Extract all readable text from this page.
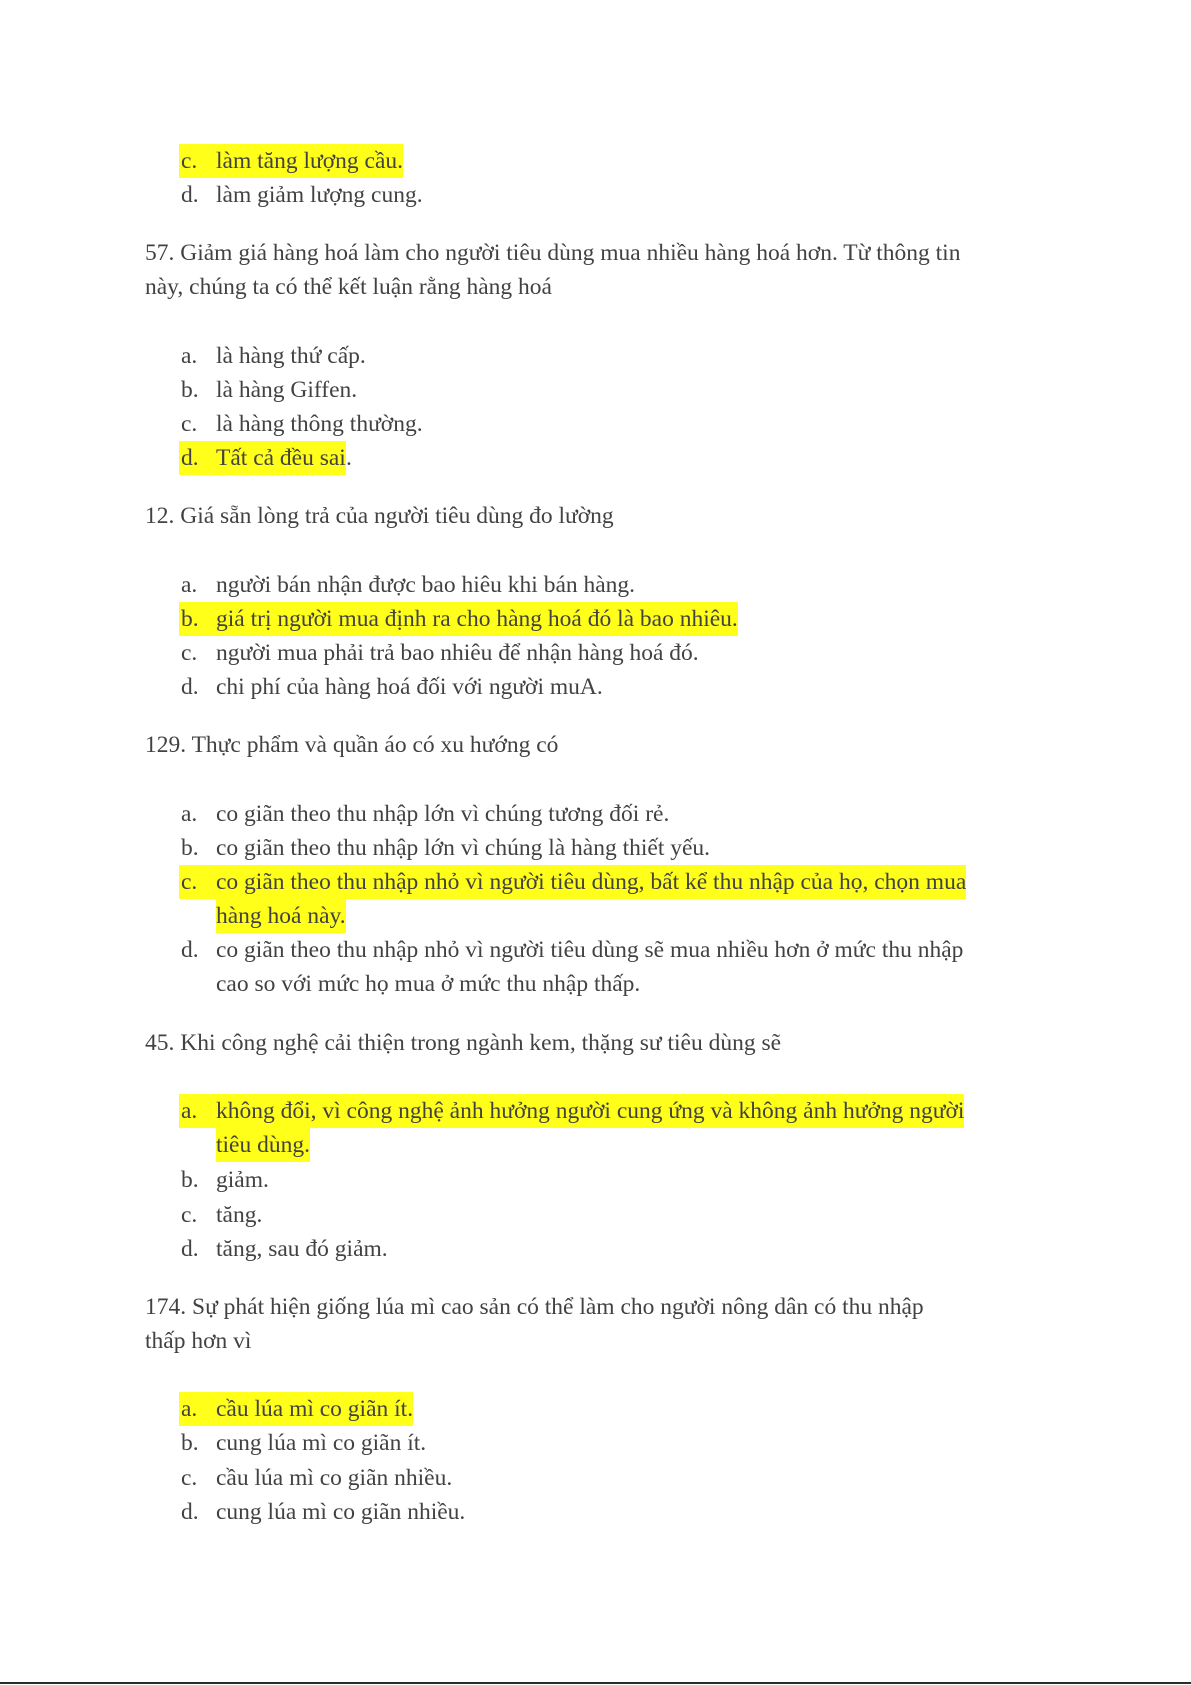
c. làm tăng lượng cầu.
d. làm giảm lượng cung.
57. Giảm giá hàng hoá làm cho người tiêu dùng mua nhiều hàng hoá hơn. Từ thông tin
này, chúng ta có thể kết luận rằng hàng hoá
a. là hàng thứ cấp.
b. là hàng Giffen.
c. là hàng thông thường.
d. Tất cả đều sai .
12. Giá sẵn lòng trả của người tiêu dùng đo lường
a. người bán nhận được bao hiêu khi bán hàng.
b. giá trị người mua định ra cho hàng hoá đó là bao nhiêu.
c. người mua phải trả bao nhiêu để nhận hàng hoá đó.
d. chi phí của hàng hoá đối với người muA.
129. Thực phẩm và quần áo có xu hướng có
a. co giãn theo thu nhập lớn vì chúng tương đối rẻ.
b. co giãn theo thu nhập lớn vì chúng là hàng thiết yếu.
c. co giãn theo thu nhập nhỏ vì người tiêu dùng, bất kể thu nhập của họ, chọn mua
hàng hoá này.
d. co giãn theo thu nhập nhỏ vì người tiêu dùng sẽ mua nhiều hơn ở mức thu nhập
cao so với mức họ mua ở mức thu nhập thấp.
45. Khi công nghệ cải thiện trong ngành kem, thặng sư tiêu dùng sẽ
a. không đổi, vì công nghệ ảnh hưởng người cung ứng và không ảnh hưởng người
tiêu dùng.
b. giảm.
c. tăng.
d. tăng, sau đó giảm.
174. Sự phát hiện giống lúa mì cao sản có thể làm cho người nông dân có thu nhập
thấp hơn vì
a. cầu lúa mì co giãn ít.
b. cung lúa mì co giãn ít.
c. cầu lúa mì co giãn nhiều.
d. cung lúa mì co giãn nhiều.
